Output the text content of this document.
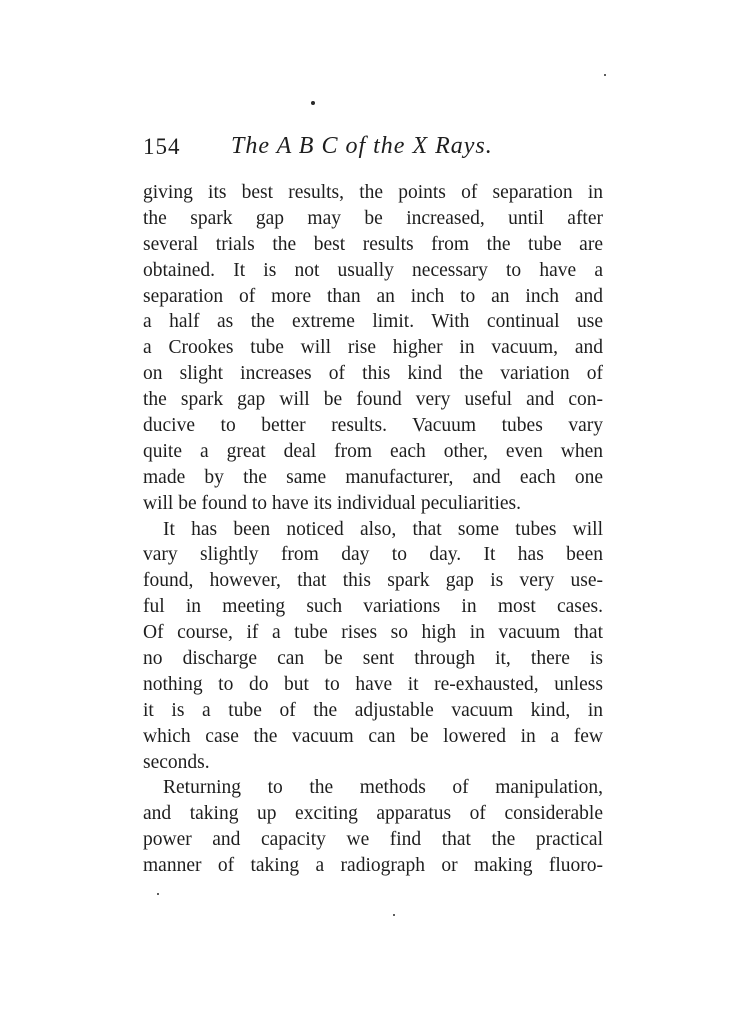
154 The A B C of the X Rays.

giving its best results, the points of separation in
the spark gap may be increased, until after
several trials the best results from the tube are
obtained. It is not usually necessary to have a
separation of more than an inch to an inch and
a half as the extreme limit. With continual use
a Crookes tube will rise higher in vacuum, and
on slight increases of this kind the variation of
the spark gap will be found very useful and con-
ducive to better results. Vacuum tubes vary
quite a great deal from each other, even when
made by the same manufacturer, and each one
will be found to have its individual peculiarities.

It has been noticed also, that some tubes will
vary slightly from day to day. It has been
found, however, that this spark gap is very use-
ful in meeting such variations in most cases.
Of course, if a tube rises so high in vacuum that
no discharge can be sent through it, there is
nothing to do but to have it re-exhausted, unless
it is a tube of the adjustable vacuum kind, in
which case the vacuum can be lowered in a few
seconds.

Returning to the methods of manipulation,
and taking up exciting apparatus of considerable
power and capacity we find that the practical
manner of taking a radiograph or making fluoro-
